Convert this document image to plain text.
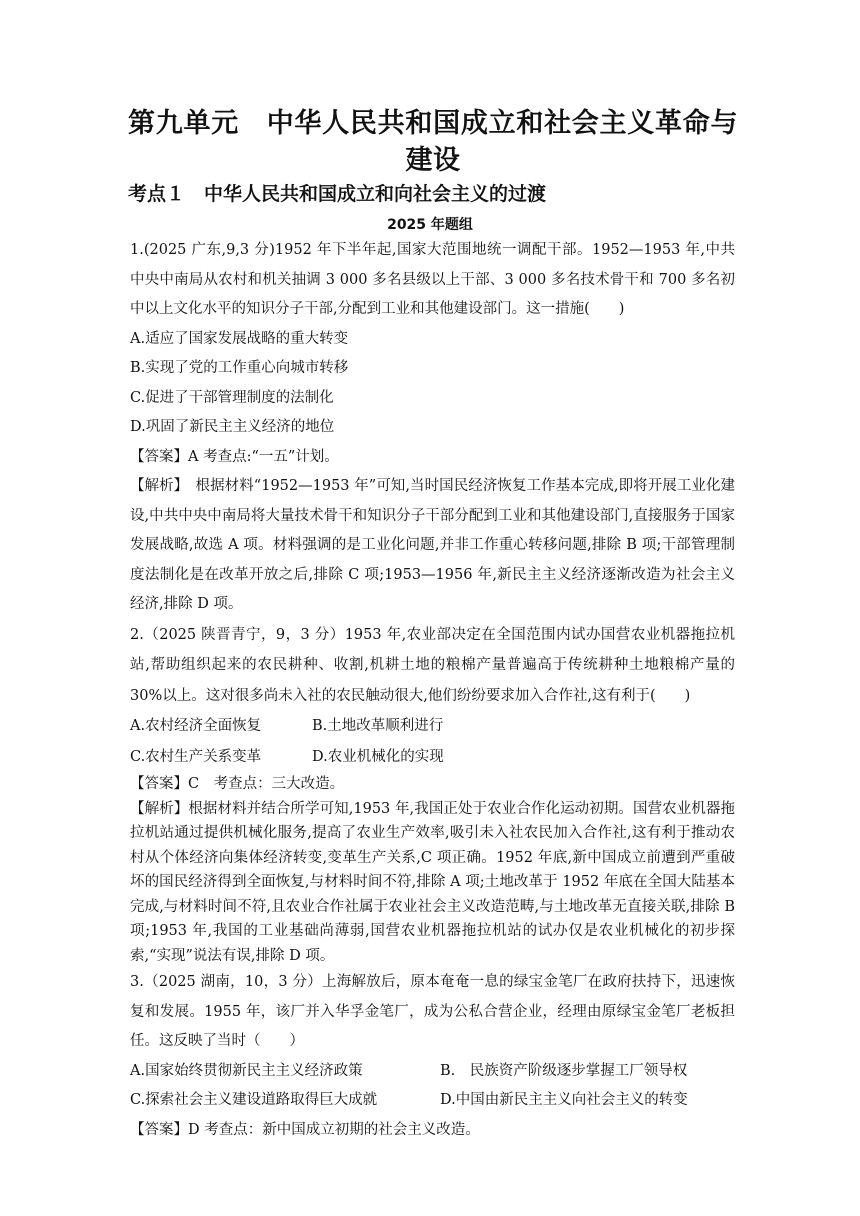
第九单元　中华人民共和国成立和社会主义革命与建设
考点１　中华人民共和国成立和向社会主义的过渡
2025 年题组

1.(2025 广东,9,3 分)1952 年下半年起,国家大范围地统一调配干部。1952—1953 年,中共中央中南局从农村和机关抽调 3 000 多名县级以上干部、3 000 多名技术骨干和 700 多名初中以上文化水平的知识分子干部,分配到工业和其他建设部门。这一措施(　　)

A.适应了国家发展战略的重大转变

B.实现了党的工作重心向城市转移

C.促进了干部管理制度的法制化

D.巩固了新民主主义经济的地位

【答案】A 考查点:“一五”计划。

【解析】　根据材料“1952—1953 年”可知,当时国民经济恢复工作基本完成,即将开展工业化建设,中共中央中南局将大量技术骨干和知识分子干部分配到工业和其他建设部门,直接服务于国家发展战略,故选 A 项。材料强调的是工业化问题,并非工作重心转移问题,排除 B 项;干部管理制度法制化是在改革开放之后,排除 C 项;1953—1956 年,新民主主义经济逐渐改造为社会主义经济,排除 D 项。

2.（2025 陕晋青宁，9，3 分）1953 年,农业部决定在全国范围内试办国营农业机器拖拉机站,帮助组织起来的农民耕种、收割,机耕土地的粮棉产量普遍高于传统耕种土地粮棉产量的 30%以上。这对很多尚未入社的农民触动很大,他们纷纷要求加入合作社,这有利于(　　)

A.农村经济全面恢复	B.土地改革顺利进行
C.农村生产关系变革	D.农业机械化的实现

【答案】C　考查点：三大改造。

【解析】根据材料并结合所学可知,1953 年,我国正处于农业合作化运动初期。国营农业机器拖拉机站通过提供机械化服务,提高了农业生产效率,吸引未入社农民加入合作社,这有利于推动农村从个体经济向集体经济转变,变革生产关系,C 项正确。1952 年底,新中国成立前遭到严重破坏的国民经济得到全面恢复,与材料时间不符,排除 A 项;土地改革于 1952 年底在全国大陆基本完成,与材料时间不符,且农业合作社属于农业社会主义改造范畴,与土地改革无直接关联,排除 B 项;1953 年,我国的工业基础尚薄弱,国营农业机器拖拉机站的试办仅是农业机械化的初步探索,“实现”说法有误,排除 D 项。

3.（2025 湖南，10，3 分）上海解放后，原本奄奄一息的绿宝金笔厂在政府扶持下，迅速恢复和发展。1955 年，该厂并入华孚金笔厂，成为公私合营企业，经理由原绿宝金笔厂老板担任。这反映了当时（　　）

A.国家始终贯彻新民主主义经济政策	B.　民族资产阶级逐步掌握工厂领导权
C.探索社会主义建设道路取得巨大成就	D.中国由新民主主义向社会主义的转变

【答案】D 考查点：新中国成立初期的社会主义改造。
